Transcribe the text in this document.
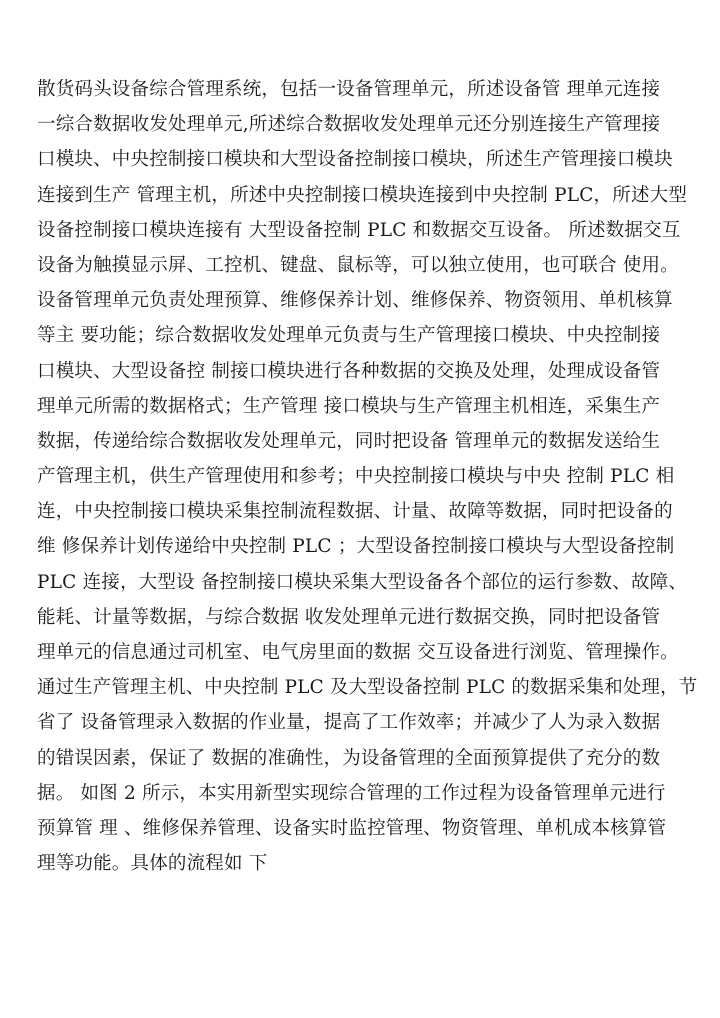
散货码头设备综合管理系统，包括一设备管理单元，所述设备管 理单元连接
一综合数据收发处理单元,所述综合数据收发处理单元还分别连接生产管理接
口模块、中央控制接口模块和大型设备控制接口模块，所述生产管理接口模块
连接到生产 管理主机，所述中央控制接口模块连接到中央控制 PLC，所述大型
设备控制接口模块连接有 大型设备控制 PLC 和数据交互设备。 所述数据交互
设备为触摸显示屏、工控机、键盘、鼠标等，可以独立使用，也可联合 使用。
设备管理单元负责处理预算、维修保养计划、维修保养、物资领用、单机核算
等主 要功能；综合数据收发处理单元负责与生产管理接口模块、中央控制接
口模块、大型设备控 制接口模块进行各种数据的交换及处理，处理成设备管
理单元所需的数据格式；生产管理 接口模块与生产管理主机相连，采集生产
数据，传递给综合数据收发处理单元，同时把设备 管理单元的数据发送给生
产管理主机，供生产管理使用和参考；中央控制接口模块与中央 控制 PLC 相
连，中央控制接口模块采集控制流程数据、计量、故障等数据，同时把设备的
维 修保养计划传递给中央控制 PLC ；大型设备控制接口模块与大型设备控制
PLC 连接，大型设 备控制接口模块采集大型设备各个部位的运行参数、故障、
能耗、计量等数据，与综合数据 收发处理单元进行数据交换，同时把设备管
理单元的信息通过司机室、电气房里面的数据 交互设备进行浏览、管理操作。
通过生产管理主机、中央控制 PLC 及大型设备控制 PLC 的数据采集和处理，节
省了 设备管理录入数据的作业量，提高了工作效率；并减少了人为录入数据
的错误因素，保证了 数据的准确性，为设备管理的全面预算提供了充分的数
据。 如图 2 所示，本实用新型实现综合管理的工作过程为设备管理单元进行
预算管 理 、维修保养管理、设备实时监控管理、物资管理、单机成本核算管
理等功能。具体的流程如 下
